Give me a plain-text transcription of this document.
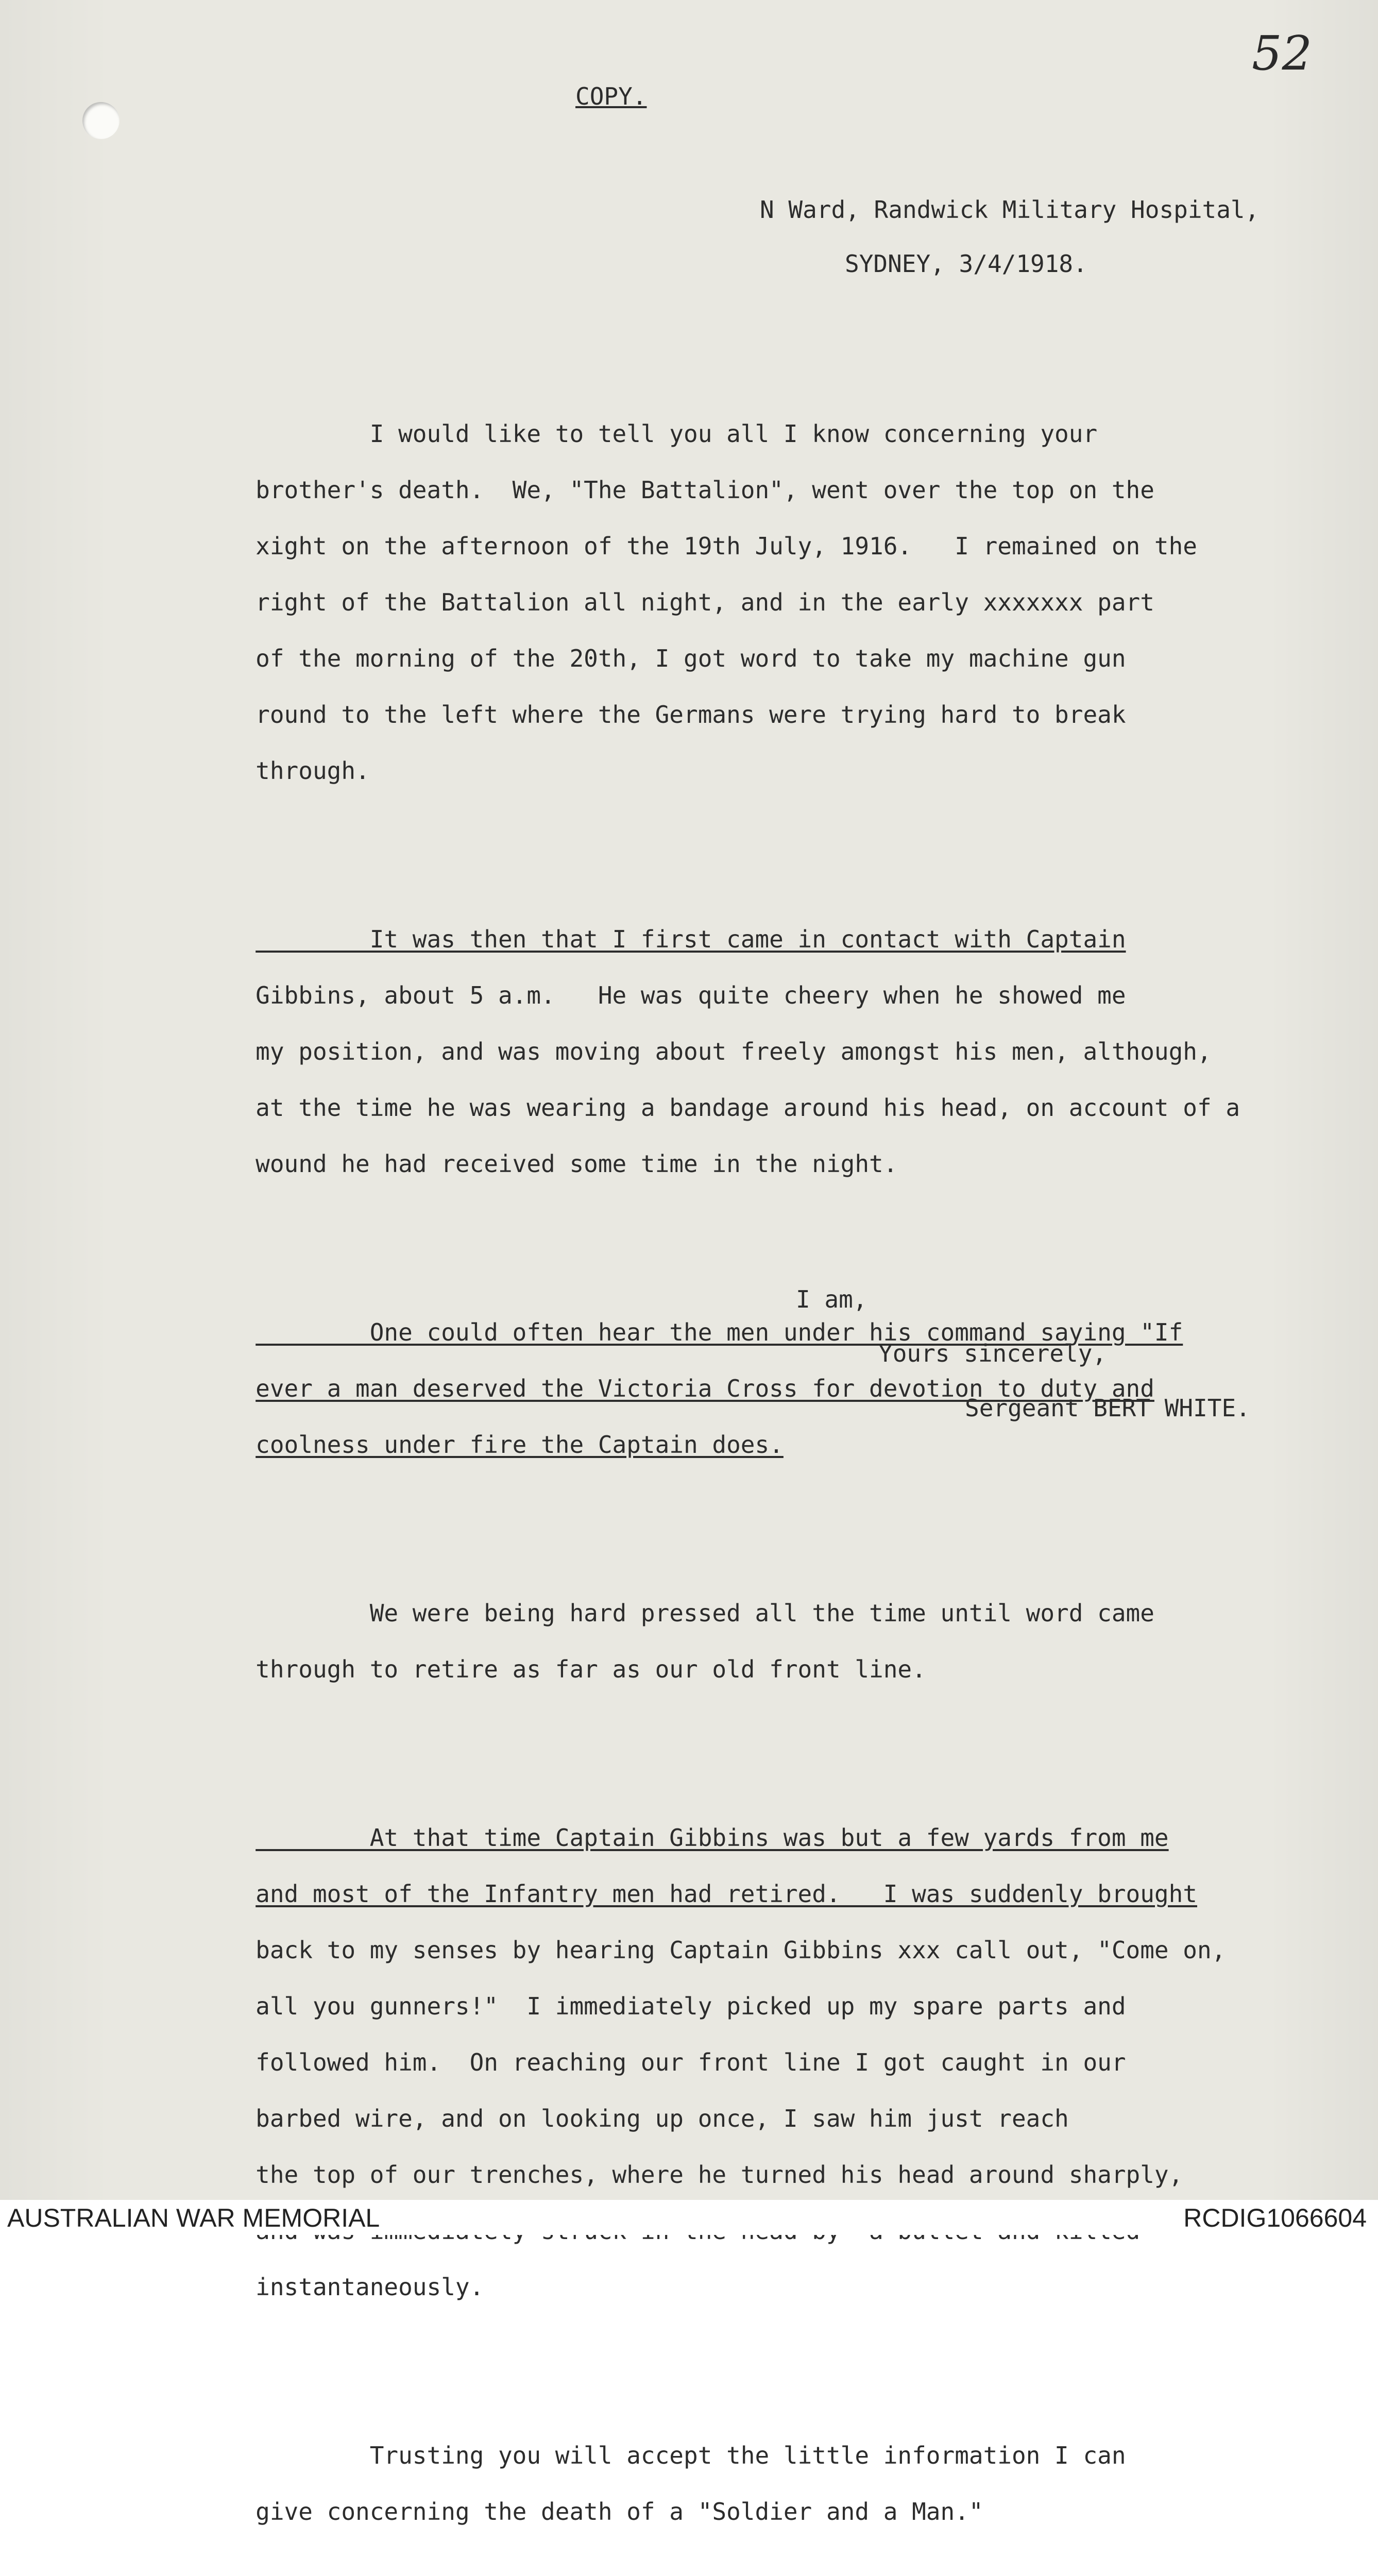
52
COPY.
N Ward, Randwick Military Hospital,
SYDNEY, 3/4/1918.

I would like to tell you all I know concerning your

brother's death.  We, "The Battalion", went over the top on the

xight on the afternoon of the 19th July, 1916.   I remained on the

right of the Battalion all night, and in the early xxxxxxx part

of the morning of the 20th, I got word to take my machine gun

round to the left where the Germans were trying hard to break

through.

It was then that I first came in contact with Captain

Gibbins, about 5 a.m.   He was quite cheery when he showed me

my position, and was moving about freely amongst his men, although,

at the time he was wearing a bandage around his head, on account of a

wound he had received some time in the night.

One could often hear the men under his command saying "If

ever a man deserved the Victoria Cross for devotion to duty and

coolness under fire the Captain does.

We were being hard pressed all the time until word came

through to retire as far as our old front line.

At that time Captain Gibbins was but a few yards from me

and most of the Infantry men had retired.   I was suddenly brought

back to my senses by hearing Captain Gibbins xxx call out, "Come on,

all you gunners!"  I immediately picked up my spare parts and

followed him.  On reaching our front line I got caught in our

barbed wire, and on looking up once, I saw him just reach

the top of our trenches, where he turned his head around sharply,

instantaneously.

Trusting you will accept the little information I can

give concerning the death of a "Soldier and a Man."

I am,
Yours sincerely,
Sergeant BERT WHITE.
AUSTRALIAN WAR MEMORIAL	RCDIG1066604
